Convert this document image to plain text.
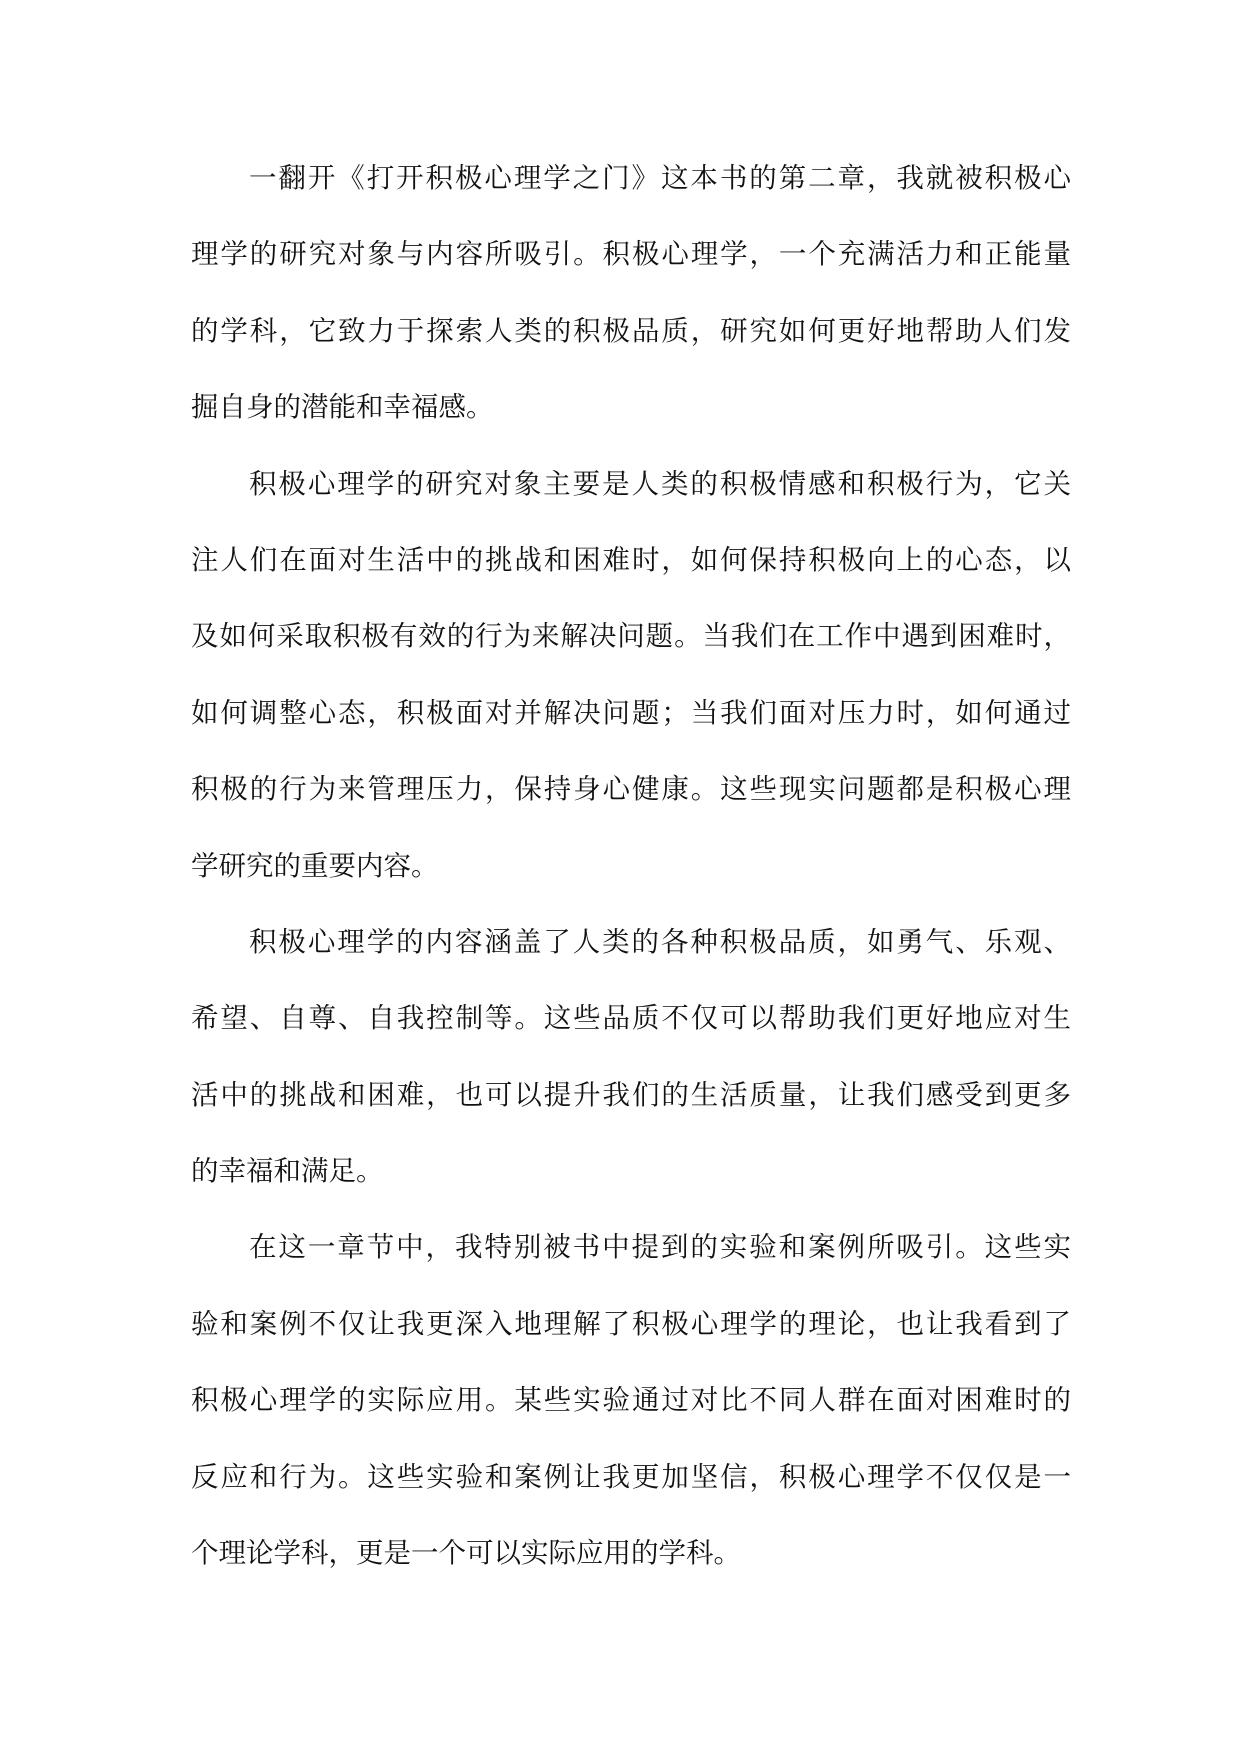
一翻开《打开积极心理学之门》这本书的第二章，我就被积极心
理学的研究对象与内容所吸引。积极心理学，一个充满活力和正能量
的学科，它致力于探索人类的积极品质，研究如何更好地帮助人们发
掘自身的潜能和幸福感。
积极心理学的研究对象主要是人类的积极情感和积极行为，它关
注人们在面对生活中的挑战和困难时，如何保持积极向上的心态，以
及如何采取积极有效的行为来解决问题。当我们在工作中遇到困难时，
如何调整心态，积极面对并解决问题；当我们面对压力时，如何通过
积极的行为来管理压力，保持身心健康。这些现实问题都是积极心理
学研究的重要内容。
积极心理学的内容涵盖了人类的各种积极品质，如勇气、乐观、
希望、自尊、自我控制等。这些品质不仅可以帮助我们更好地应对生
活中的挑战和困难，也可以提升我们的生活质量，让我们感受到更多
的幸福和满足。
在这一章节中，我特别被书中提到的实验和案例所吸引。这些实
验和案例不仅让我更深入地理解了积极心理学的理论，也让我看到了
积极心理学的实际应用。某些实验通过对比不同人群在面对困难时的
反应和行为。这些实验和案例让我更加坚信，积极心理学不仅仅是一
个理论学科，更是一个可以实际应用的学科。
